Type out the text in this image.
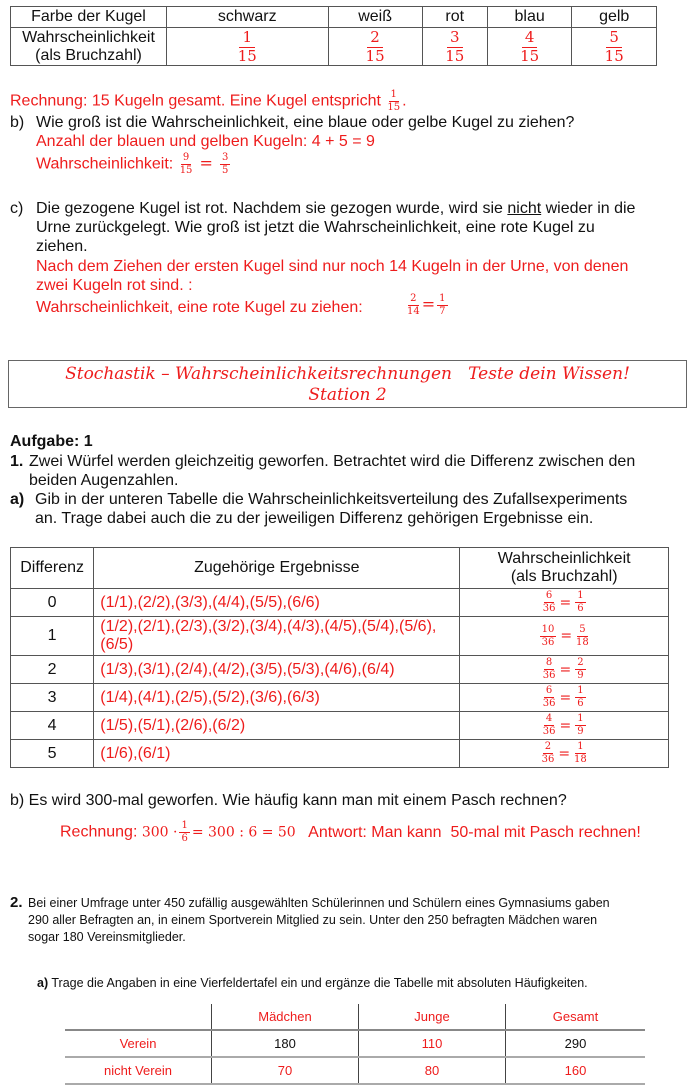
Farbe der Kugel	schwarz	weiß	rot	blau	gelb
Wahrscheinlichkeit
(als Bruchzahl)	$\frac{1}{15}$	$\frac{2}{15}$	$\frac{3}{15}$	$\frac{4}{15}$	$\frac{5}{15}$
Rechnung: 15 Kugeln gesamt. Eine Kugel entspricht $\frac{1}{15}$ .
b) Wie groß ist die Wahrscheinlichkeit, eine blaue oder gelbe Kugel zu ziehen?
Anzahl der blauen und gelben Kugeln: 4 + 5 = 9
Wahrscheinlichkeit: $\frac{9}{15} = \frac{3}{5}$
c) Die gezogene Kugel ist rot. Nachdem sie gezogen wurde, wird sie nicht wieder in die
Urne zurückgelegt. Wie groß ist jetzt die Wahrscheinlichkeit, eine rote Kugel zu
ziehen.
Nach dem Ziehen der ersten Kugel sind nur noch 14 Kugeln in der Urne, von denen
zwei Kugeln rot sind. :
Wahrscheinlichkeit, eine rote Kugel zu ziehen:	$\frac{2}{14} = \frac{1}{7}$
Stochastik – Wahrscheinlichkeitsrechnungen   Teste dein Wissen!
Station 2
Aufgabe: 1
1. Zwei Würfel werden gleichzeitig geworfen. Betrachtet wird die Differenz zwischen den
beiden Augenzahlen.
a) Gib in der unteren Tabelle die Wahrscheinlichkeitsverteilung des Zufallsexperiments
an. Trage dabei auch die zu der jeweiligen Differenz gehörigen Ergebnisse ein.
Differenz	Zugehörige Ergebnisse	Wahrscheinlichkeit
(als Bruchzahl)
0	(1/1),(2/2),(3/3),(4/4),(5/5),(6/6)	$\frac{6}{36} = \frac{1}{6}$

1	(1/2),(2/1),(2/3),(3/2),(3/4),(4/3),(4/5),(5/4),(5/6),
(6/5)	$\frac{10}{36} = \frac{5}{18}$

2	(1/3),(3/1),(2/4),(4/2),(3/5),(5/3),(4/6),(6/4)	$\frac{8}{36} = \frac{2}{9}$

3	(1/4),(4/1),(2/5),(5/2),(3/6),(6/3)	$\frac{6}{36} = \frac{1}{6}$

4	(1/5),(5/1),(2/6),(6/2)	$\frac{4}{36} = \frac{1}{9}$

5	(1/6),(6/1)	$\frac{2}{36} = \frac{1}{18}$
b) Es wird 300-mal geworfen. Wie häufig kann man mit einem Pasch rechnen?
Rechnung: $300 \cdot \frac{1}{6} = 300$ : 6 = 50 Antwort: Man kann  50-mal mit Pasch rechnen!
2. Bei einer Umfrage unter 450 zufällig ausgewählten Schülerinnen und Schülern eines Gymnasiums gaben
290 aller Befragten an, in einem Sportverein Mitglied zu sein. Unter den 250 befragten Mädchen waren
sogar 180 Vereinsmitglieder.
a) Trage die Angaben in eine Vierfeldertafel ein und ergänze die Tabelle mit absoluten Häufigkeiten.
	Mädchen	Junge	Gesamt
Verein	180	110	290
nicht Verein	70	80	160
